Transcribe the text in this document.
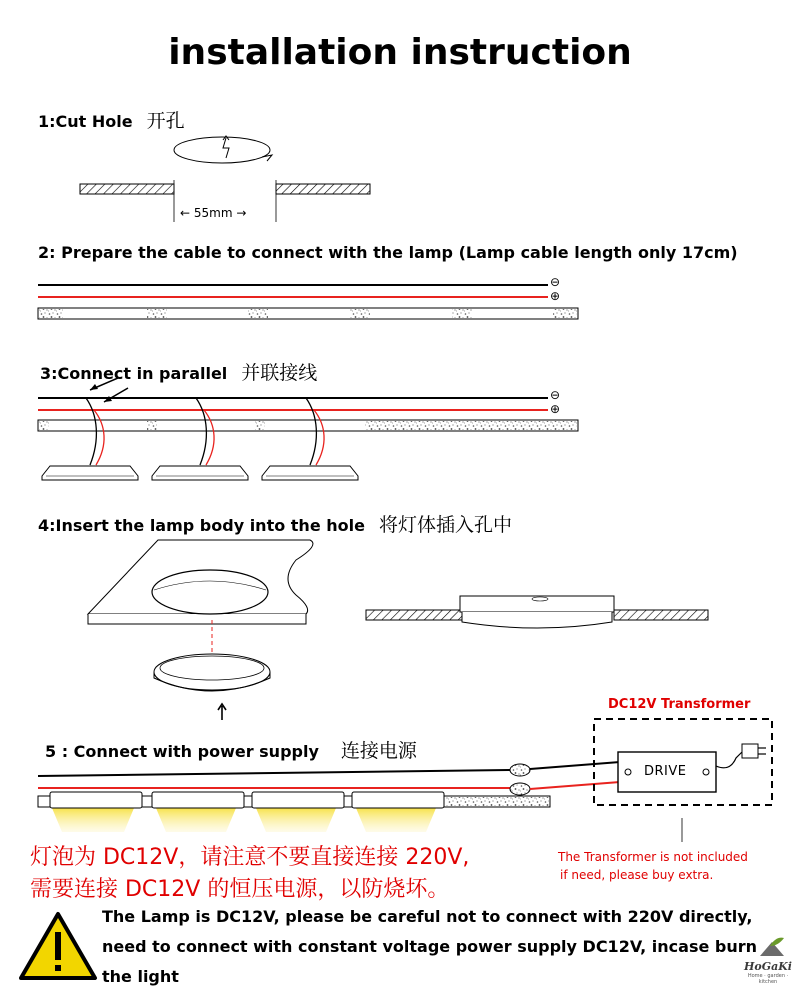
installation instruction
1:Cut Hole 开孔
2: Prepare the cable to connect with the lamp (Lamp cable length only 17cm)
3:Connect in parallel 并联接线
4:Insert the lamp body into the hole 将灯体插入孔中
5 : Connect with power supply 连接电源
← 55mm →
⊖
⊕
⊖
⊕
DC12V Transformer
DRIVE
The Transformer is not included
if need, please buy extra.
灯泡为 DC12V，请注意不要直接连接 220V,
需要连接 DC12V 的恒压电源，以防烧坏。
The Lamp is DC12V, please be careful not to connect with 220V directly,
need to connect with constant voltage power supply DC12V, incase burn
the light
HoGaKi
Home · garden · kitchen
